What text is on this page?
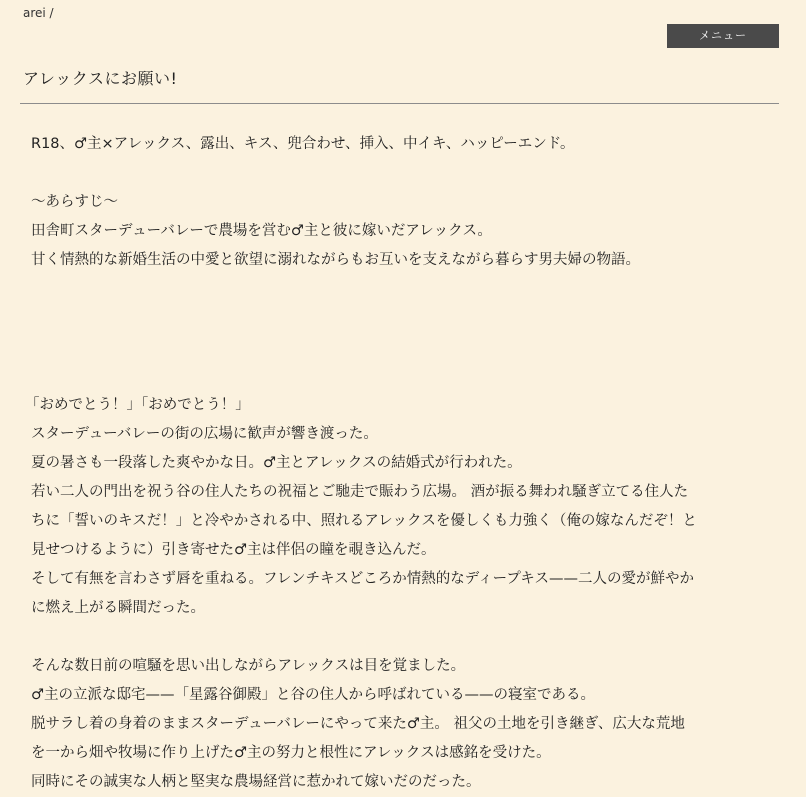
arei /
メニュー
アレックスにお願い!
R18、♂主×アレックス、露出、キス、兜合わせ、挿入、中イキ、ハッピーエンド。
〜あらすじ〜
田舎町スターデューバレーで農場を営む♂主と彼に嫁いだアレックス。
甘く情熱的な新婚生活の中愛と欲望に溺れながらもお互いを支えながら暮らす男夫婦の物語。
「おめでとう！」「おめでとう！」
スターデューバレーの街の広場に歓声が響き渡った。
夏の暑さも一段落した爽やかな日。♂主とアレックスの結婚式が行われた。
若い二人の門出を祝う谷の住人たちの祝福とご馳走で賑わう広場。 酒が振る舞われ騒ぎ立てる住人た
ちに「誓いのキスだ！」と冷やかされる中、照れるアレックスを優しくも力強く（俺の嫁なんだぞ！と
見せつけるように）引き寄せた♂主は伴侶の瞳を覗き込んだ。
そして有無を言わさず唇を重ねる。フレンチキスどころか情熱的なディープキス——二人の愛が鮮やか
に燃え上がる瞬間だった。
そんな数日前の喧騒を思い出しながらアレックスは目を覚ました。
♂主の立派な邸宅——「星露谷御殿」と谷の住人から呼ばれている——の寝室である。
脱サラし着の身着のままスターデューバレーにやって来た♂主。 祖父の土地を引き継ぎ、広大な荒地
を一から畑や牧場に作り上げた♂主の努力と根性にアレックスは感銘を受けた。
同時にその誠実な人柄と堅実な農場経営に惹かれて嫁いだのだった。
